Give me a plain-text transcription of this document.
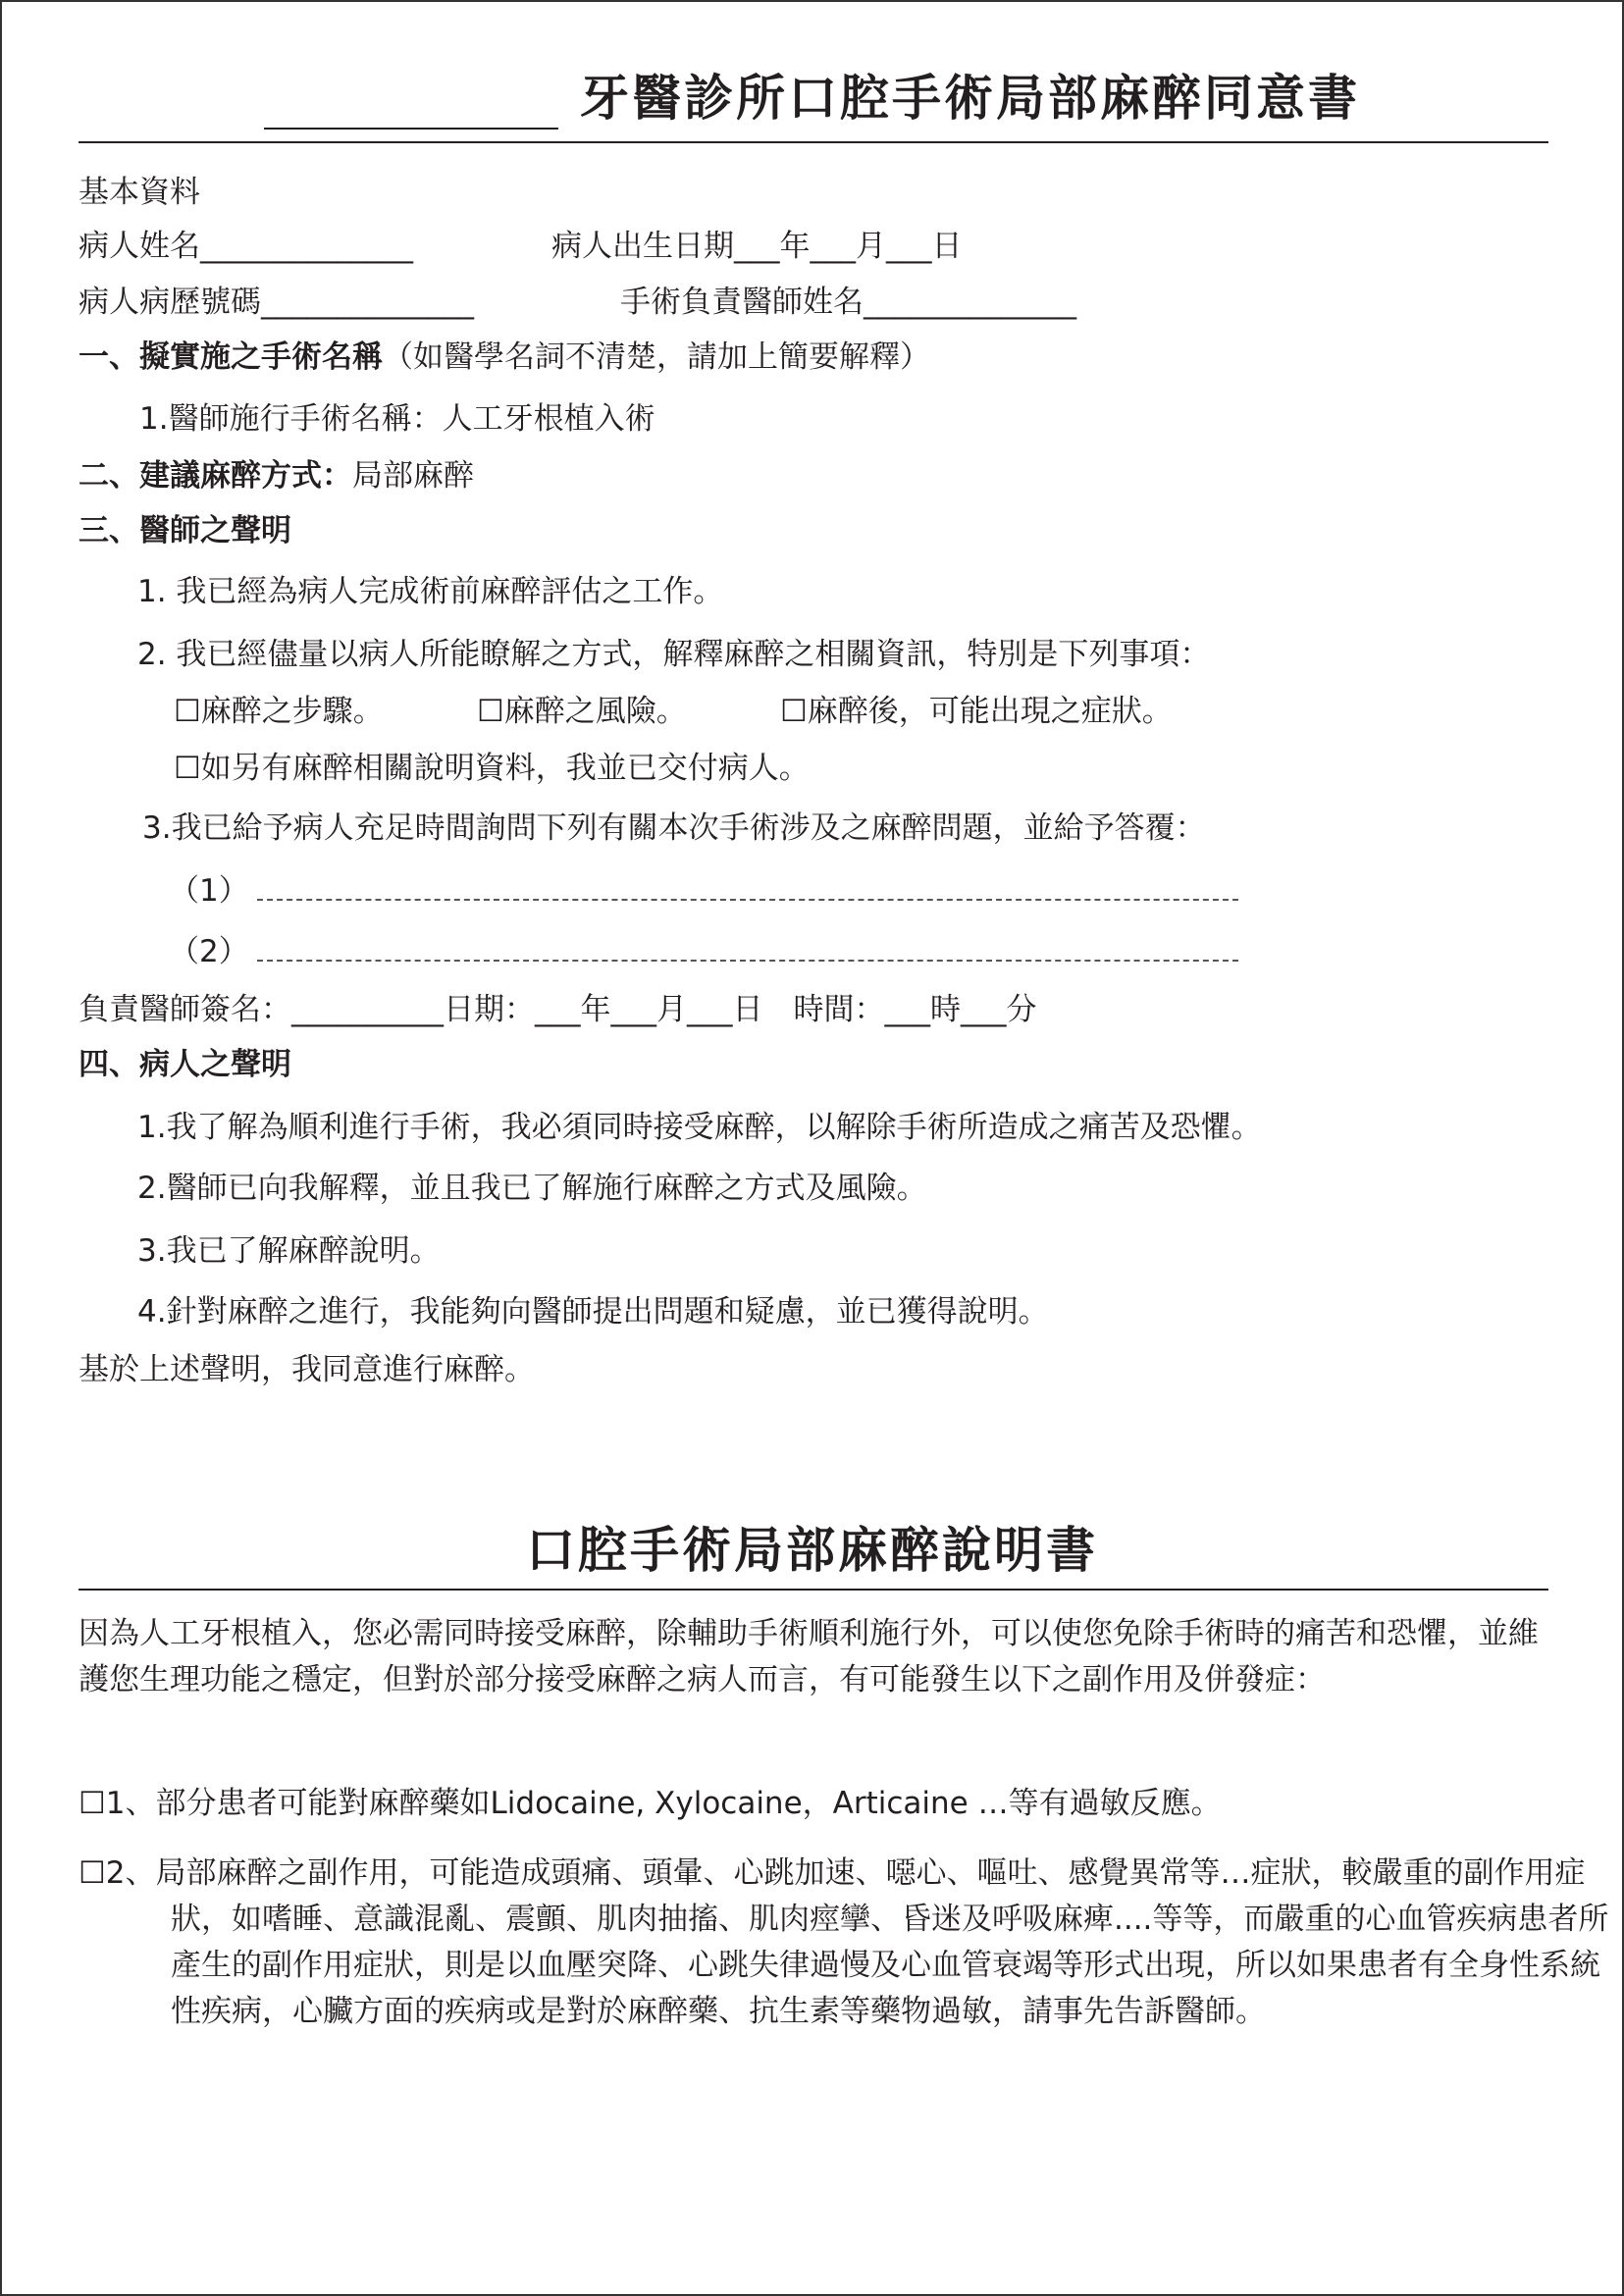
牙醫診所口腔手術局部麻醉同意書
基本資料
病人姓名______________	病人出生日期___年___月___日
病人病歷號碼______________	手術負責醫師姓名______________
一、擬實施之手術名稱（如醫學名詞不清楚，請加上簡要解釋）
1.醫師施行手術名稱：人工牙根植入術
二、建議麻醉方式：局部麻醉
三、醫師之聲明
1. 我已經為病人完成術前麻醉評估之工作。
2. 我已經儘量以病人所能瞭解之方式，解釋麻醉之相關資訊，特別是下列事項：
☐麻醉之步驟。	☐麻醉之風險。	☐麻醉後，可能出現之症狀。
☐如另有麻醉相關說明資料，我並已交付病人。
3.我已給予病人充足時間詢問下列有關本次手術涉及之麻醉問題，並給予答覆：
（1）
（2）
負責醫師簽名：__________日期：___年___月___日　時間：___時___分
四、病人之聲明
1.我了解為順利進行手術，我必須同時接受麻醉，以解除手術所造成之痛苦及恐懼。
2.醫師已向我解釋，並且我已了解施行麻醉之方式及風險。
3.我已了解麻醉說明。
4.針對麻醉之進行，我能夠向醫師提出問題和疑慮，並已獲得說明。
基於上述聲明，我同意進行麻醉。
口腔手術局部麻醉說明書
因為人工牙根植入，您必需同時接受麻醉，除輔助手術順利施行外，可以使您免除手術時的痛苦和恐懼，並維護您生理功能之穩定，但對於部分接受麻醉之病人而言，有可能發生以下之副作用及併發症：
☐1、部分患者可能對麻醉藥如Lidocaine, Xylocaine，Articaine …等有過敏反應。
☐2、局部麻醉之副作用，可能造成頭痛、頭暈、心跳加速、噁心、嘔吐、感覺異常等…症狀，較嚴重的副作用症狀，如嗜睡、意識混亂、震顫、肌肉抽搐、肌肉痙攣、昏迷及呼吸麻痺....等等，而嚴重的心血管疾病患者所產生的副作用症狀，則是以血壓突降、心跳失律過慢及心血管衰竭等形式出現，所以如果患者有全身性系統性疾病，心臟方面的疾病或是對於麻醉藥、抗生素等藥物過敏，請事先告訴醫師。
